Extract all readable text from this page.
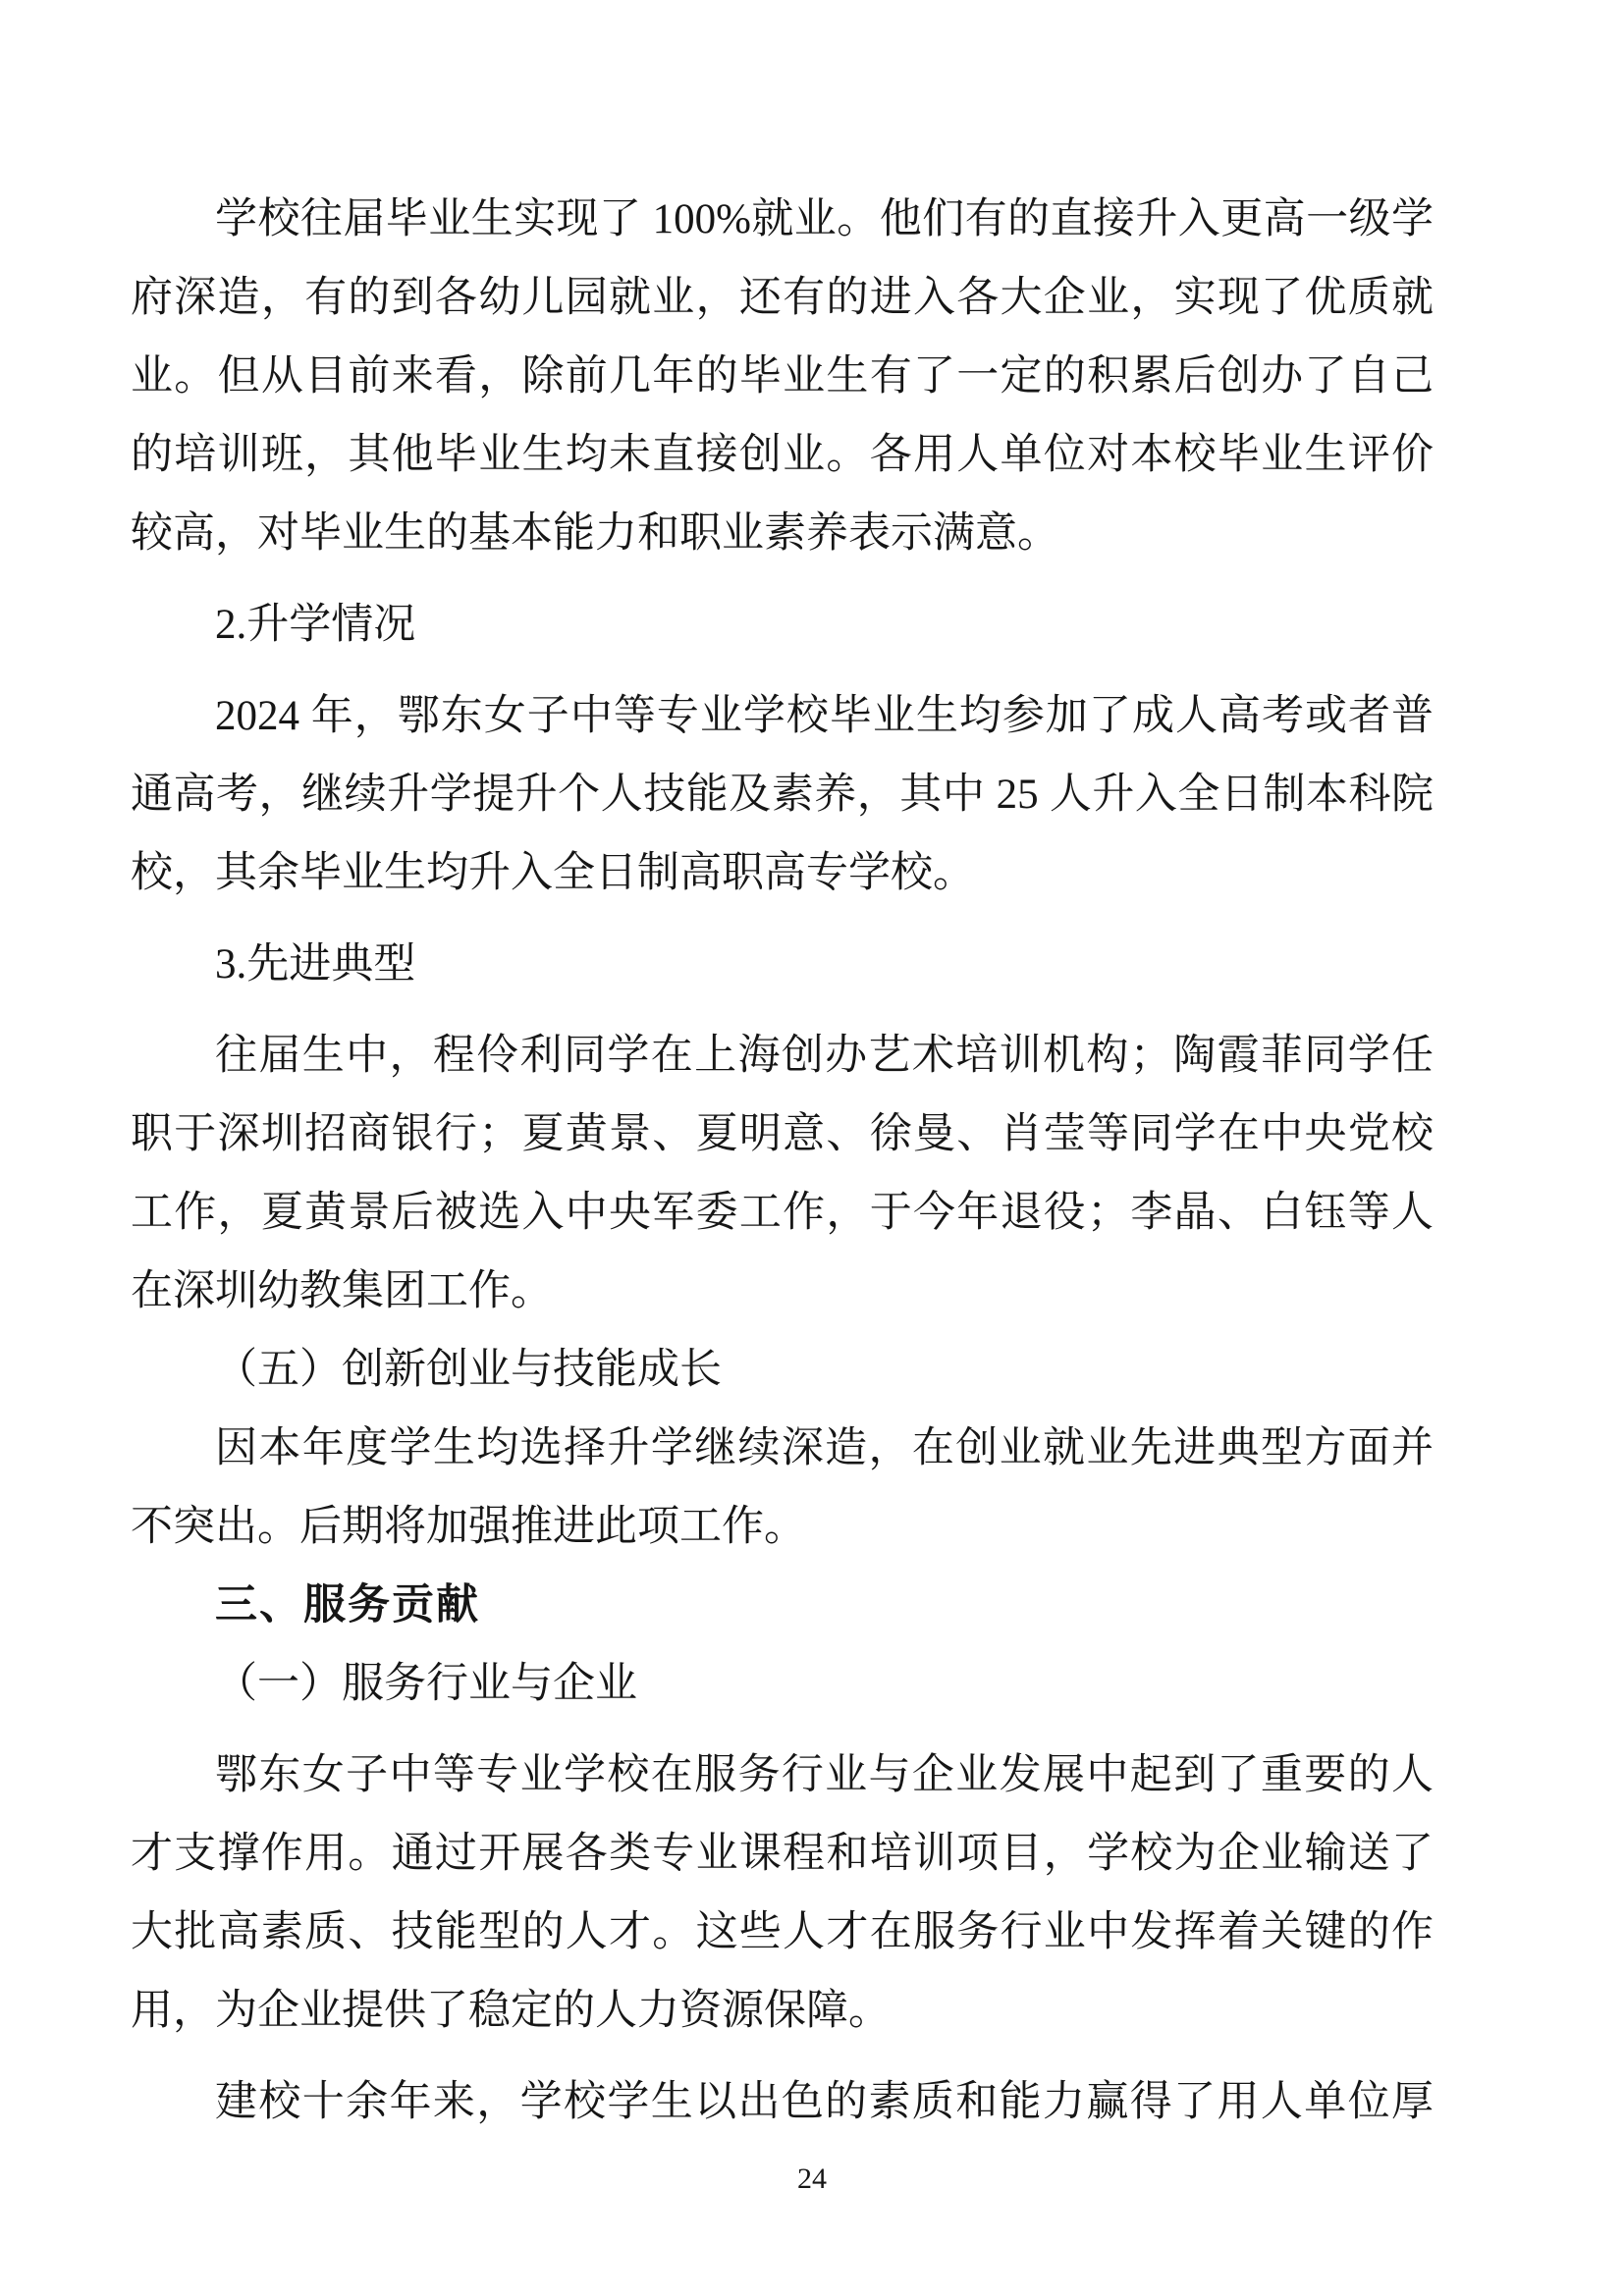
学校往届毕业生实现了 100%就业。他们有的直接升入更高一级学
府深造，有的到各幼儿园就业，还有的进入各大企业，实现了优质就
业。但从目前来看，除前几年的毕业生有了一定的积累后创办了自己
的培训班，其他毕业生均未直接创业。各用人单位对本校毕业生评价
较高，对毕业生的基本能力和职业素养表示满意。
2.升学情况
2024 年，鄂东女子中等专业学校毕业生均参加了成人高考或者普
通高考，继续升学提升个人技能及素养，其中 25 人升入全日制本科院
校，其余毕业生均升入全日制高职高专学校。
3.先进典型
往届生中，程伶利同学在上海创办艺术培训机构；陶霞菲同学任
职于深圳招商银行；夏黄景、夏明意、徐曼、肖莹等同学在中央党校
工作，夏黄景后被选入中央军委工作，于今年退役；李晶、白钰等人
在深圳幼教集团工作。
（五）创新创业与技能成长
因本年度学生均选择升学继续深造，在创业就业先进典型方面并
不突出。后期将加强推进此项工作。
三、服务贡献
（一）服务行业与企业
鄂东女子中等专业学校在服务行业与企业发展中起到了重要的人
才支撑作用。通过开展各类专业课程和培训项目，学校为企业输送了
大批高素质、技能型的人才。这些人才在服务行业中发挥着关键的作
用，为企业提供了稳定的人力资源保障。
建校十余年来，学校学生以出色的素质和能力赢得了用人单位厚
24
